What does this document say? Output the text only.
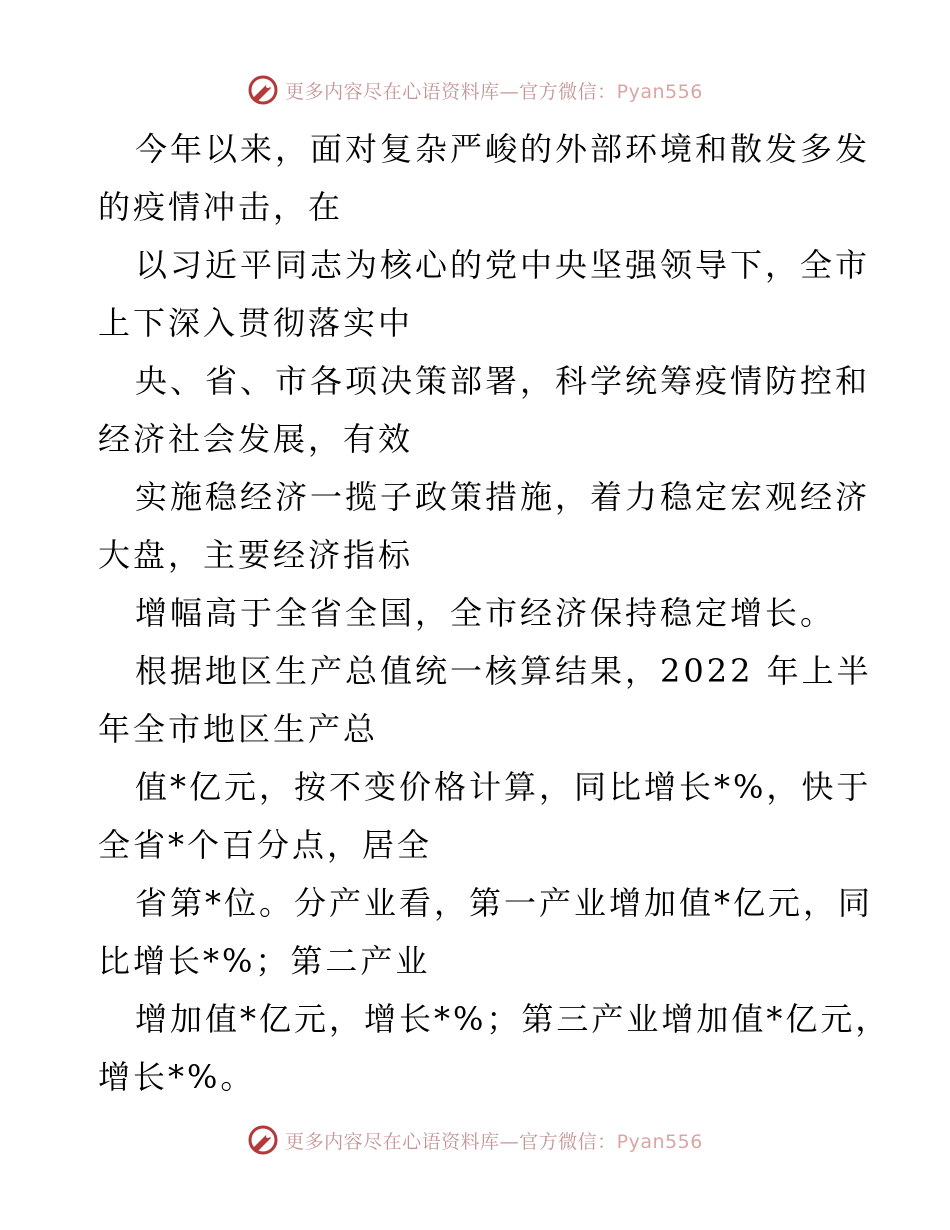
更多内容尽在心语资料库—官方微信：Pyan556
今年以来，面对复杂严峻的外部环境和散发多发
的疫情冲击，在
以习近平同志为核心的党中央坚强领导下，全市
上下深入贯彻落实中
央、省、市各项决策部署，科学统筹疫情防控和
经济社会发展，有效
实施稳经济一揽子政策措施，着力稳定宏观经济
大盘，主要经济指标
增幅高于全省全国，全市经济保持稳定增长。
根据地区生产总值统一核算结果，2022 年上半
年全市地区生产总
值*亿元，按不变价格计算，同比增长*%，快于
全省*个百分点，居全
省第*位。分产业看，第一产业增加值*亿元，同
比增长*%；第二产业
增加值*亿元，增长*%；第三产业增加值*亿元，
增长*%。
更多内容尽在心语资料库—官方微信：Pyan556
